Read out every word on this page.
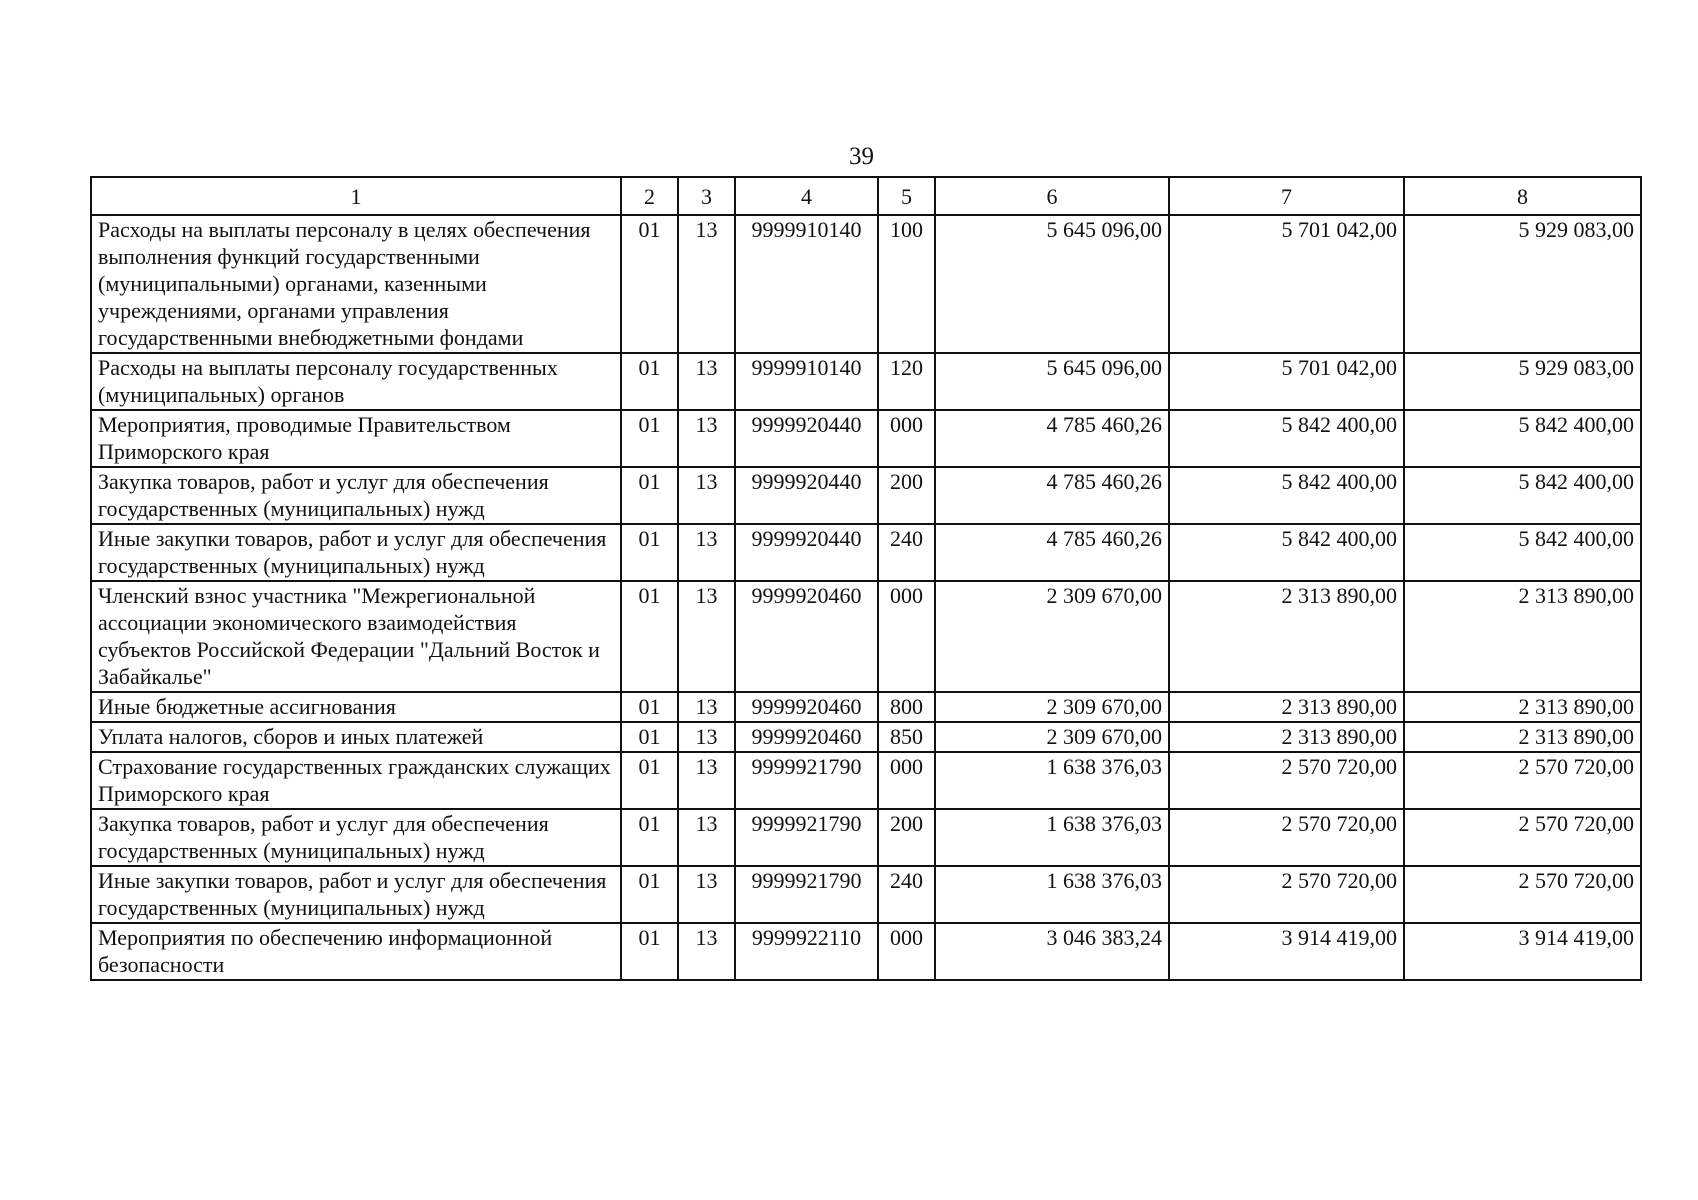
39
1	2	3	4	5	6	7	8
Расходы на выплаты персоналу в целях обеспечения выполнения функций государственными (муниципальными) органами, казенными учреждениями, органами управления государственными внебюджетными фондами	01	13	9999910140	100	5 645 096,00	5 701 042,00	5 929 083,00
Расходы на выплаты персоналу государственных (муниципальных) органов	01	13	9999910140	120	5 645 096,00	5 701 042,00	5 929 083,00
Мероприятия, проводимые Правительством Приморского края	01	13	9999920440	000	4 785 460,26	5 842 400,00	5 842 400,00
Закупка товаров, работ и услуг для обеспечения государственных (муниципальных) нужд	01	13	9999920440	200	4 785 460,26	5 842 400,00	5 842 400,00
Иные закупки товаров, работ и услуг для обеспечения государственных (муниципальных) нужд	01	13	9999920440	240	4 785 460,26	5 842 400,00	5 842 400,00
Членский взнос участника "Межрегиональной ассоциации экономического взаимодействия субъектов Российской Федерации "Дальний Восток и Забайкалье"	01	13	9999920460	000	2 309 670,00	2 313 890,00	2 313 890,00
Иные бюджетные ассигнования	01	13	9999920460	800	2 309 670,00	2 313 890,00	2 313 890,00
Уплата налогов, сборов и иных платежей	01	13	9999920460	850	2 309 670,00	2 313 890,00	2 313 890,00
Страхование государственных гражданских служащих Приморского края	01	13	9999921790	000	1 638 376,03	2 570 720,00	2 570 720,00
Закупка товаров, работ и услуг для обеспечения государственных (муниципальных) нужд	01	13	9999921790	200	1 638 376,03	2 570 720,00	2 570 720,00
Иные закупки товаров, работ и услуг для обеспечения государственных (муниципальных) нужд	01	13	9999921790	240	1 638 376,03	2 570 720,00	2 570 720,00
Мероприятия по обеспечению информационной безопасности	01	13	9999922110	000	3 046 383,24	3 914 419,00	3 914 419,00
